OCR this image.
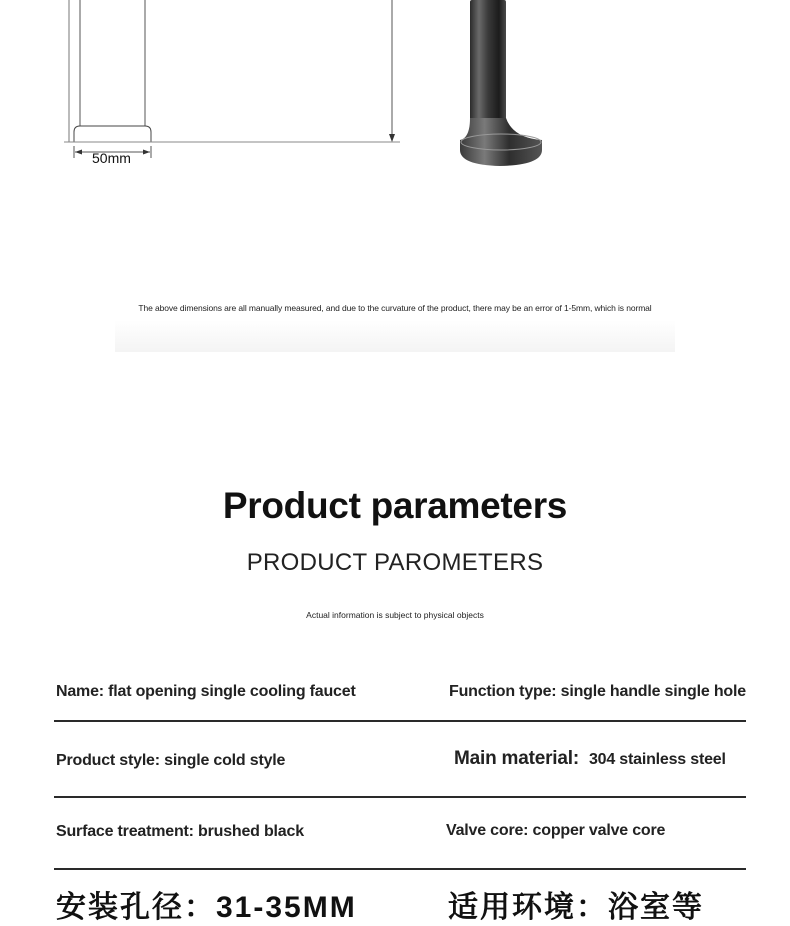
50mm
The above dimensions are all manually measured, and due to the curvature of the product, there may be an error of 1-5mm, which is normal
Product parameters
PRODUCT PAROMETERS
Actual information is subject to physical objects
Name: flat opening single cooling faucet	Function type: single handle single hole
Product style: single cold style	Main material: 304 stainless steel
Surface treatment: brushed black	Valve core: copper valve core
安装孔径：31-35MM	适用环境：浴室等
